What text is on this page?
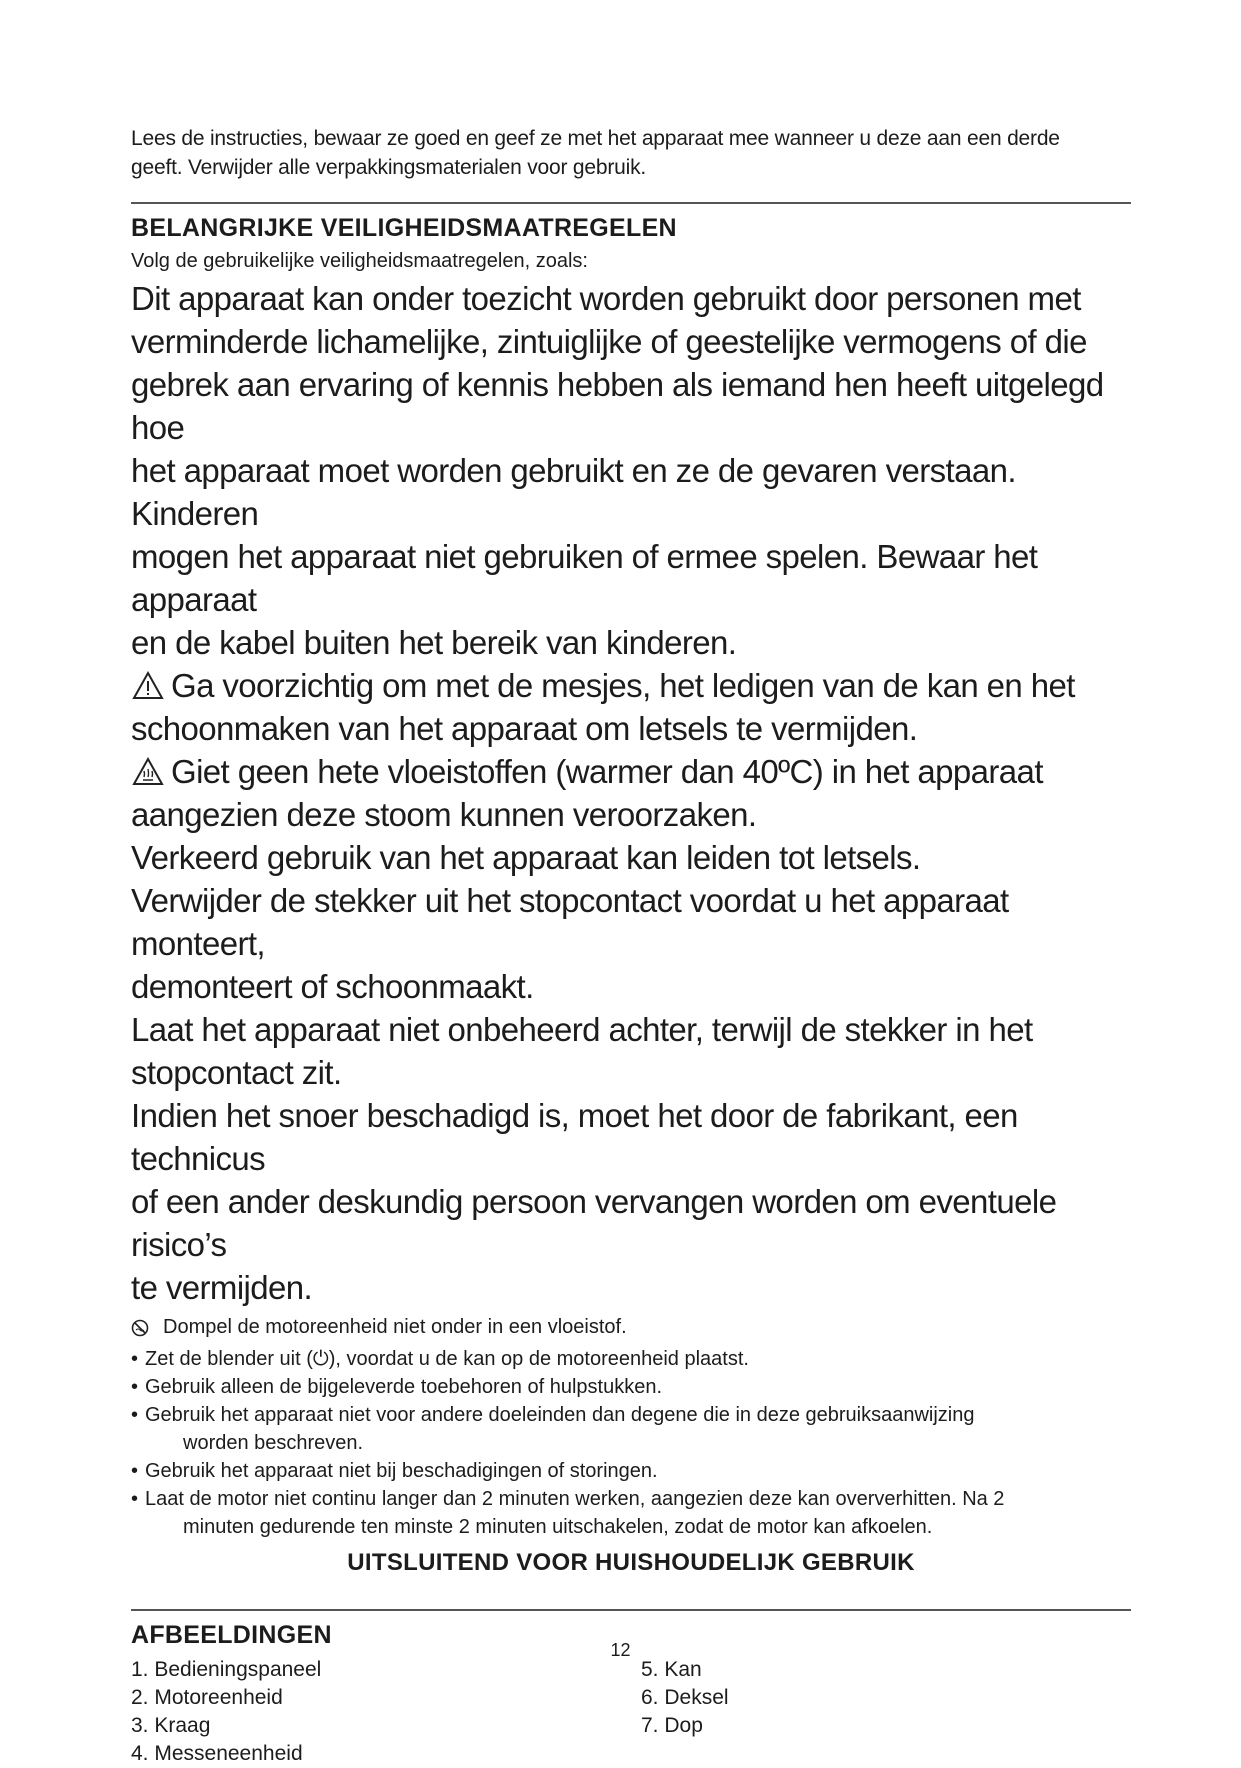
Lees de instructies, bewaar ze goed en geef ze met het apparaat mee wanneer u deze aan een derde
geeft. Verwijder alle verpakkingsmaterialen voor gebruik.

BELANGRIJKE VEILIGHEIDSMAATREGELEN

Volg de gebruikelijke veiligheidsmaatregelen, zoals:

Dit apparaat kan onder toezicht worden gebruikt door personen met
verminderde lichamelijke, zintuiglijke of geestelijke vermogens of die
gebrek aan ervaring of kennis hebben als iemand hen heeft uitgelegd hoe
het apparaat moet worden gebruikt en ze de gevaren verstaan. Kinderen
mogen het apparaat niet gebruiken of ermee spelen. Bewaar het apparaat
en de kabel buiten het bereik van kinderen.

Ga voorzichtig om met de mesjes, het ledigen van de kan en het
schoonmaken van het apparaat om letsels te vermijden.

Giet geen hete vloeistoffen (warmer dan 40ºC) in het apparaat
aangezien deze stoom kunnen veroorzaken.

Verkeerd gebruik van het apparaat kan leiden tot letsels.

Verwijder de stekker uit het stopcontact voordat u het apparaat monteert,
demonteert of schoonmaakt.

Laat het apparaat niet onbeheerd achter, terwijl de stekker in het
stopcontact zit.

Indien het snoer beschadigd is, moet het door de fabrikant, een technicus
of een ander deskundig persoon vervangen worden om eventuele risico’s
te vermijden.

Dompel de motoreenheid niet onder in een vloeistof.

• Zet de blender uit (⏻), voordat u de kan op de motoreenheid plaatst.
• Gebruik alleen de bijgeleverde toebehoren of hulpstukken.
• Gebruik het apparaat niet voor andere doeleinden dan degene die in deze gebruiksaanwijzing
worden beschreven.
• Gebruik het apparaat niet bij beschadigingen of storingen.
• Laat de motor niet continu langer dan 2 minuten werken, aangezien deze kan oververhitten. Na 2
minuten gedurende ten minste 2 minuten uitschakelen, zodat de motor kan afkoelen.

UITSLUITEND VOOR HUISHOUDELIJK GEBRUIK

AFBEELDINGEN
1. Bedieningspaneel
2. Motoreenheid
3. Kraag
4. Messeneenheid
5. Kan
6. Deksel
7. Dop
12
